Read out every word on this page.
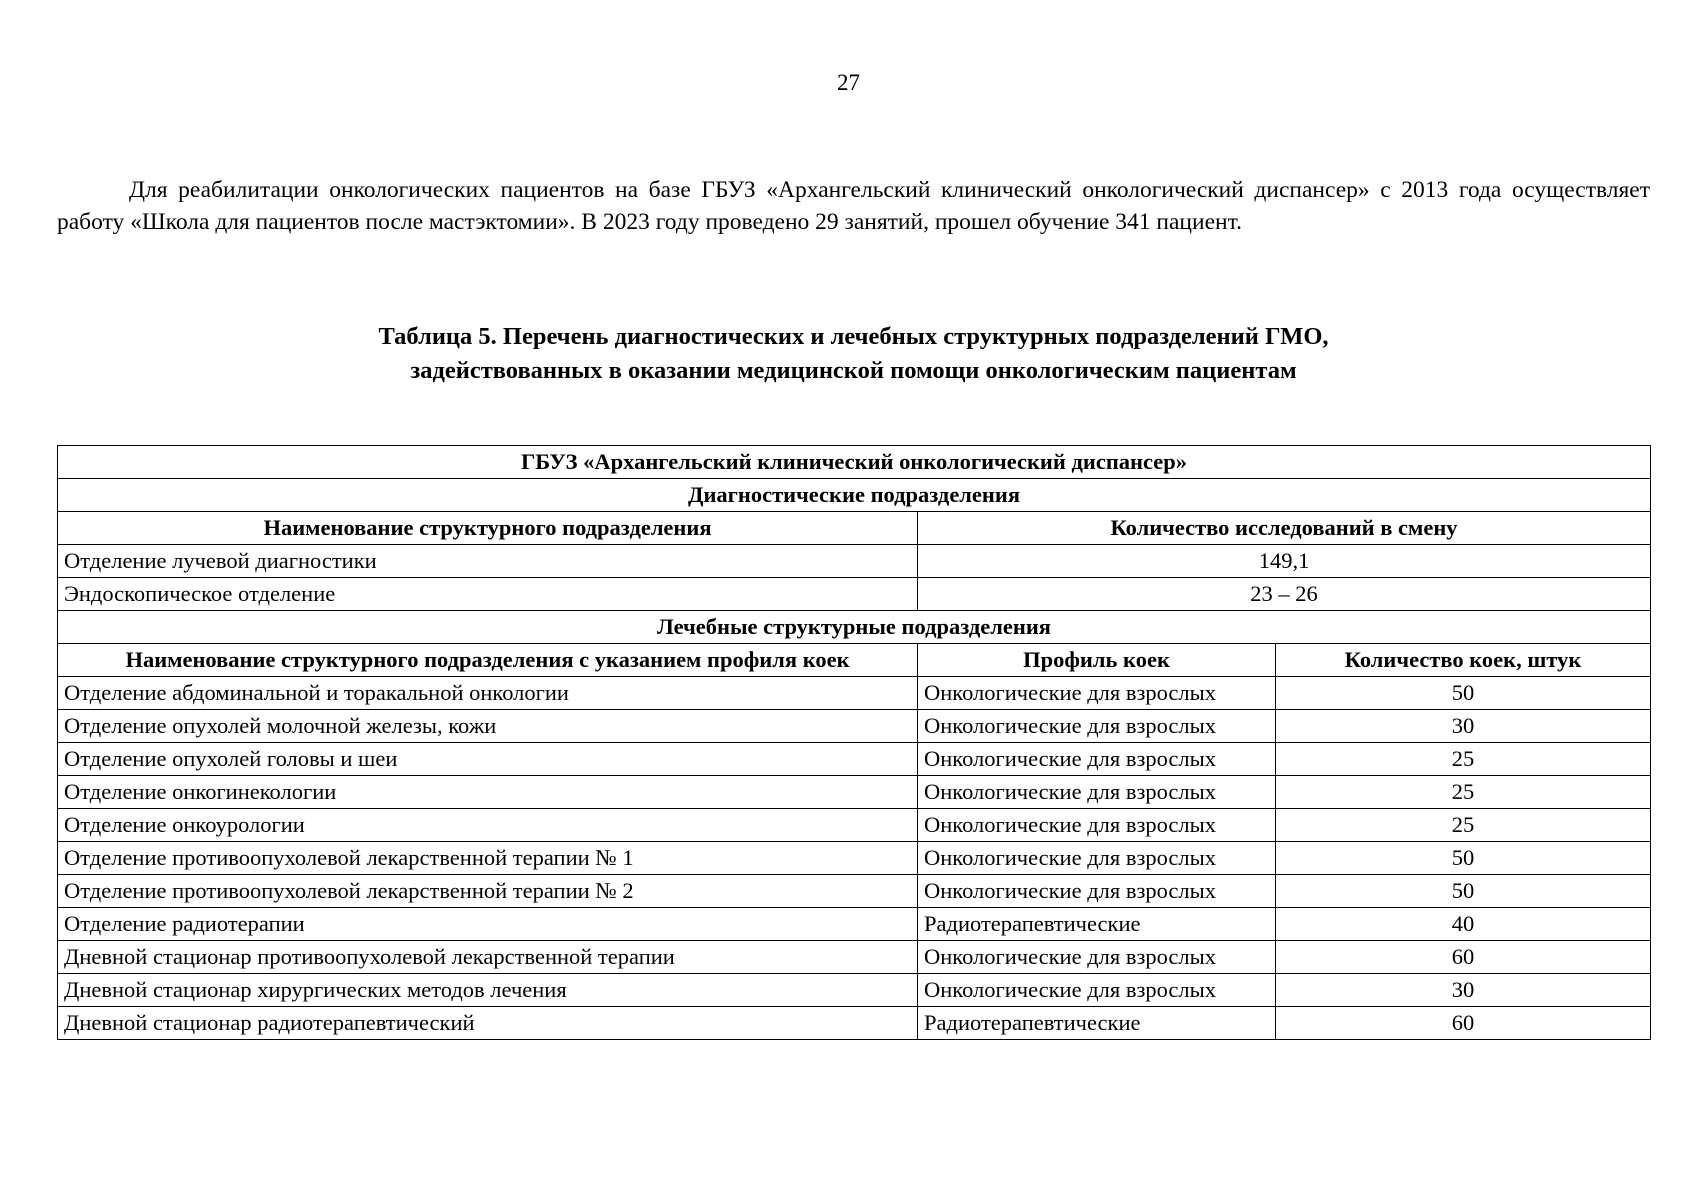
27

Для реабилитации онкологических пациентов на базе ГБУЗ «Архангельский клинический онкологический диспансер» с 2013 года осуществляет работу «Школа для пациентов после мастэктомии». В 2023 году проведено 29 занятий, прошел обучение 341 пациент.

Таблица 5. Перечень диагностических и лечебных структурных подразделений ГМО,
задействованных в оказании медицинской помощи онкологическим пациентам
ГБУЗ «Архангельский клинический онкологический диспансер»		
Диагностические подразделения		
Наименование структурного подразделения	Количество исследований в смену	
Отделение лучевой диагностики	149,1	
Эндоскопическое отделение	23 – 26	
Лечебные структурные подразделения		
Наименование структурного подразделения с указанием профиля коек	Профиль коек	Количество коек, штук
Отделение абдоминальной и торакальной онкологии	Онкологические для взрослых	50
Отделение опухолей молочной железы, кожи	Онкологические для взрослых	30
Отделение опухолей головы и шеи	Онкологические для взрослых	25
Отделение онкогинекологии	Онкологические для взрослых	25
Отделение онкоурологии	Онкологические для взрослых	25
Отделение противоопухолевой лекарственной терапии № 1	Онкологические для взрослых	50
Отделение противоопухолевой лекарственной терапии № 2	Онкологические для взрослых	50
Отделение радиотерапии	Радиотерапевтические	40
Дневной стационар противоопухолевой лекарственной терапии	Онкологические для взрослых	60
Дневной стационар хирургических методов лечения	Онкологические для взрослых	30
Дневной стационар радиотерапевтический	Радиотерапевтические	60
